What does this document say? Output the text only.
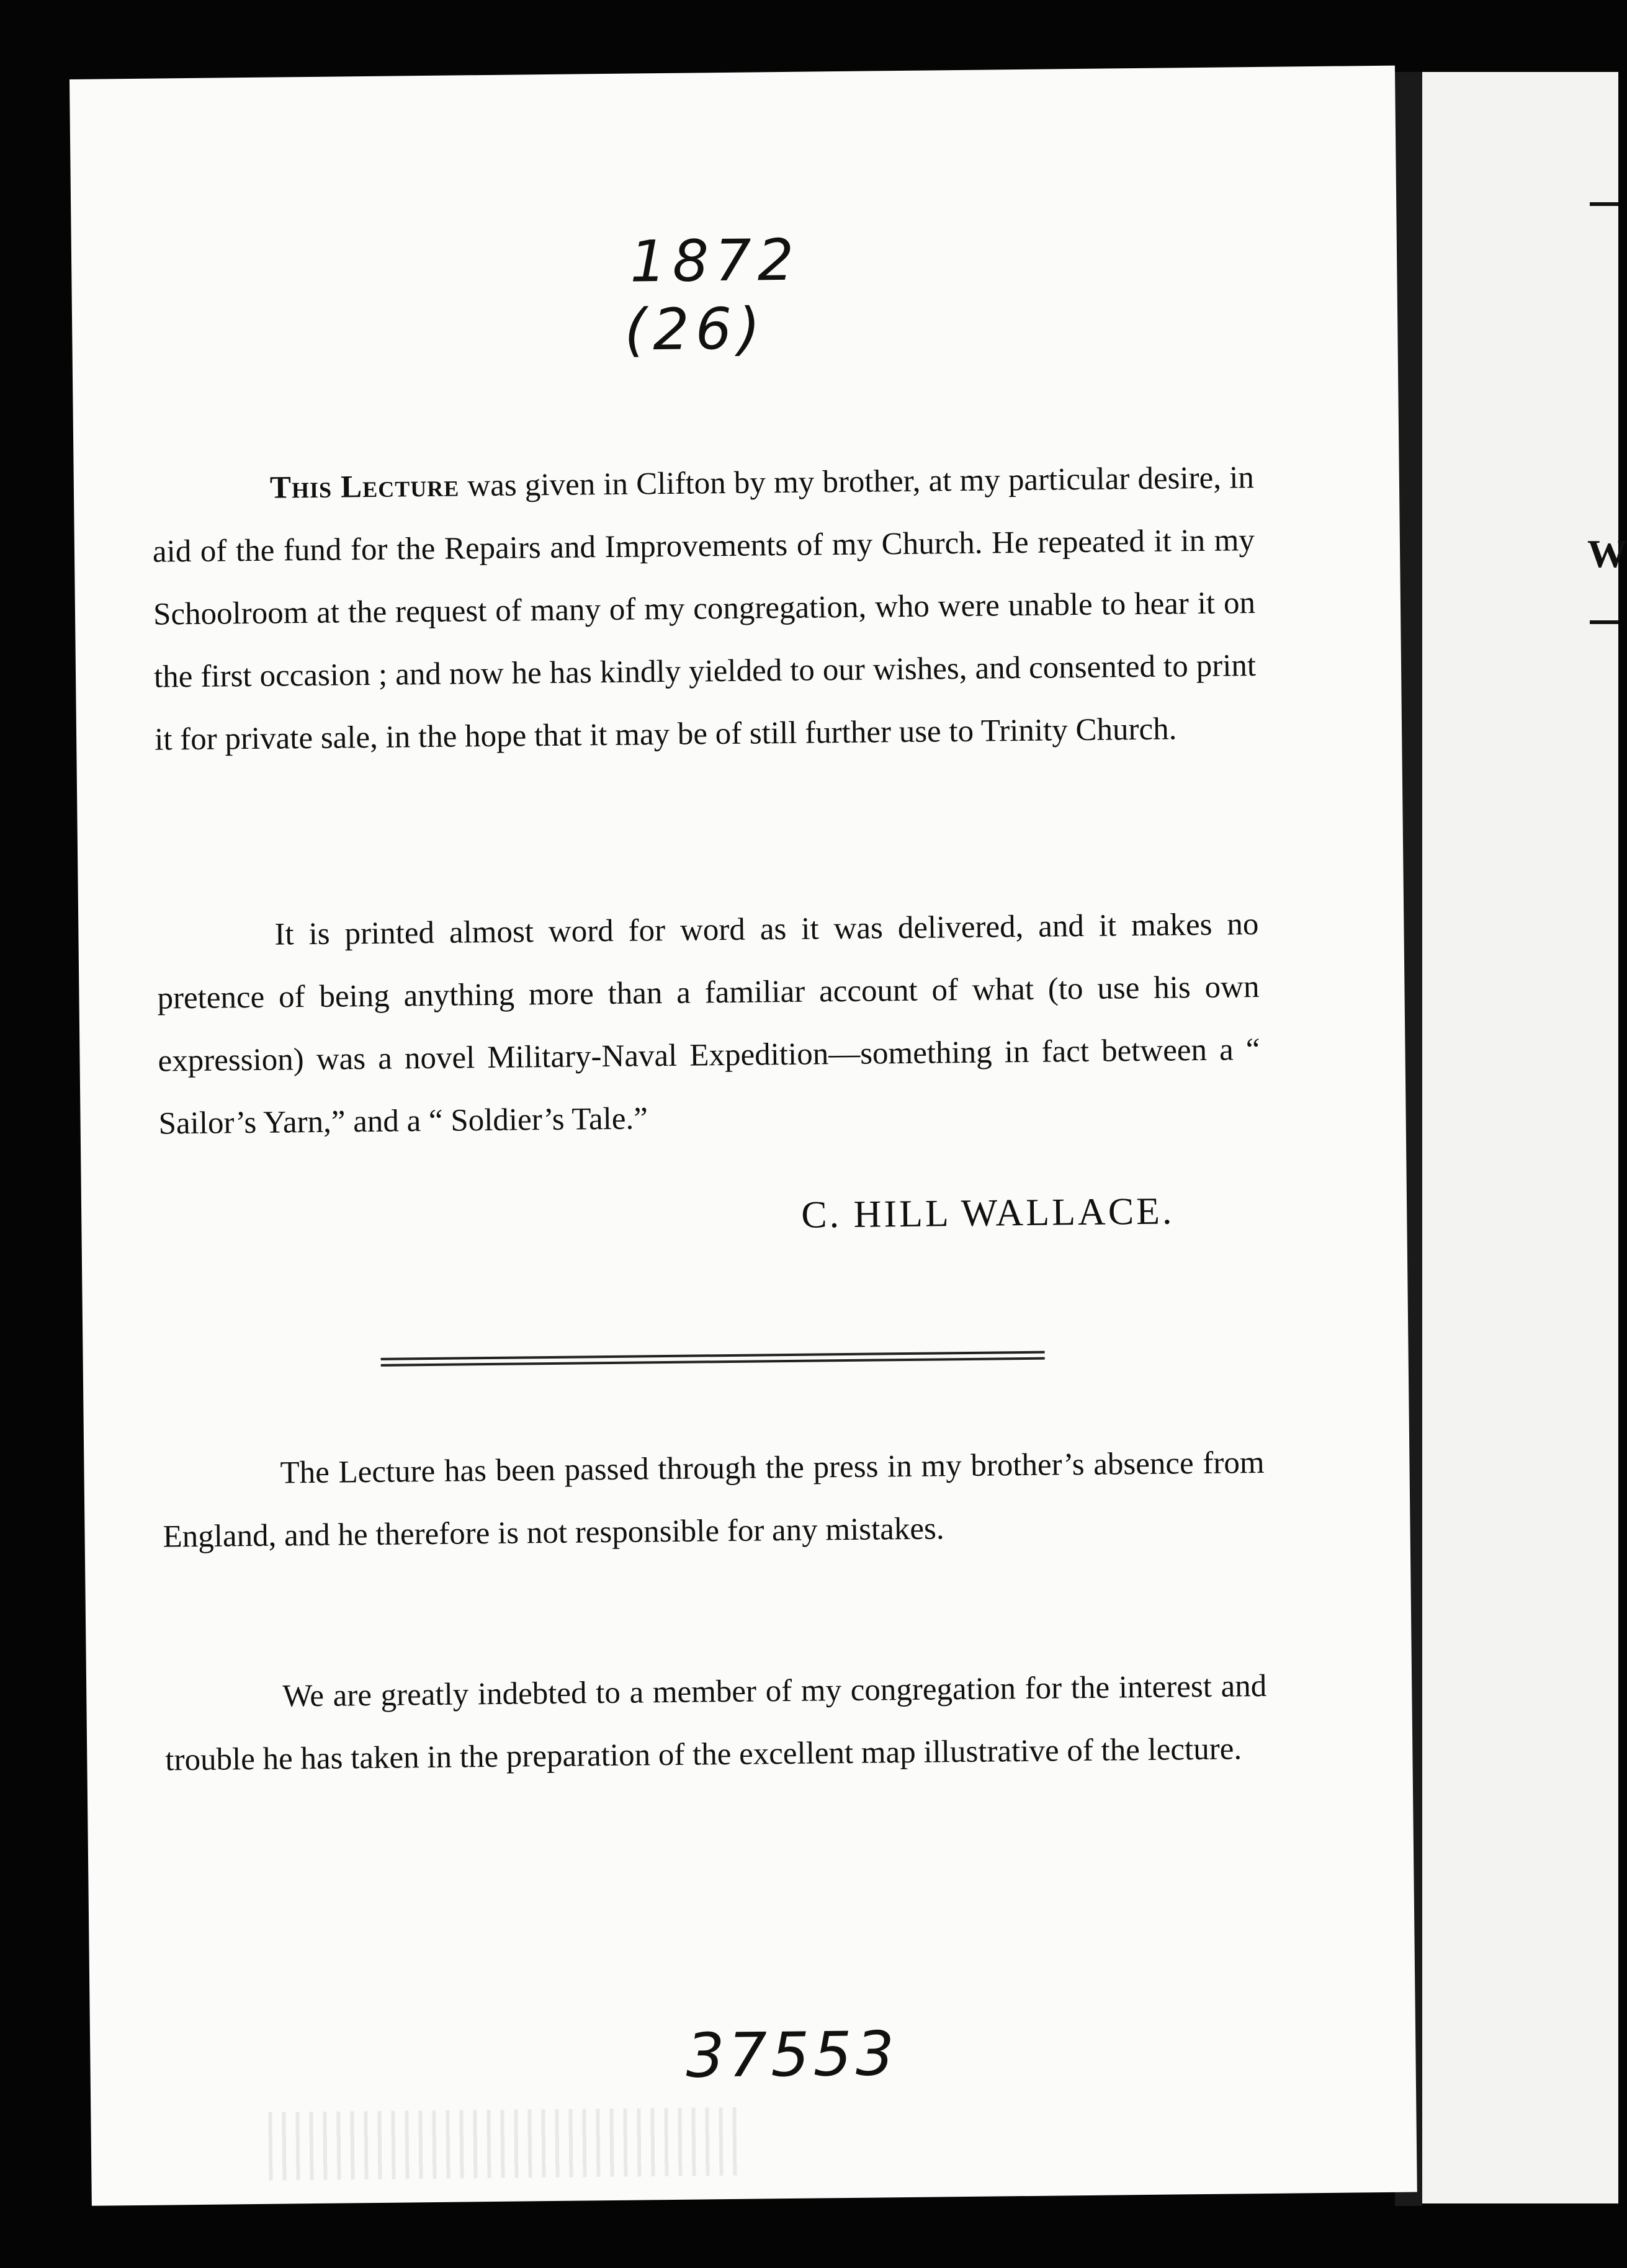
W
1872
(26)

This Lecture was given in Clifton by my brother, at my particular desire, in aid of the fund for the Repairs and Improvements of my Church. He repeated it in my Schoolroom at the request of many of my congregation, who were unable to hear it on the first occasion ; and now he has kindly yielded to our wishes, and consented to print it for private sale, in the hope that it may be of still further use to Trinity Church.

It is printed almost word for word as it was delivered, and it makes no pretence of being anything more than a familiar account of what (to use his own expression) was a novel Military-Naval Expedition—something in fact between a “ Sailor’s Yarn,” and a “ Soldier’s Tale.”

C. HILL WALLACE.

The Lecture has been passed through the press in my brother’s absence from England, and he therefore is not responsible for any mistakes.

We are greatly indebted to a member of my congregation for the interest and trouble he has taken in the preparation of the excellent map illustrative of the lecture.

37553
